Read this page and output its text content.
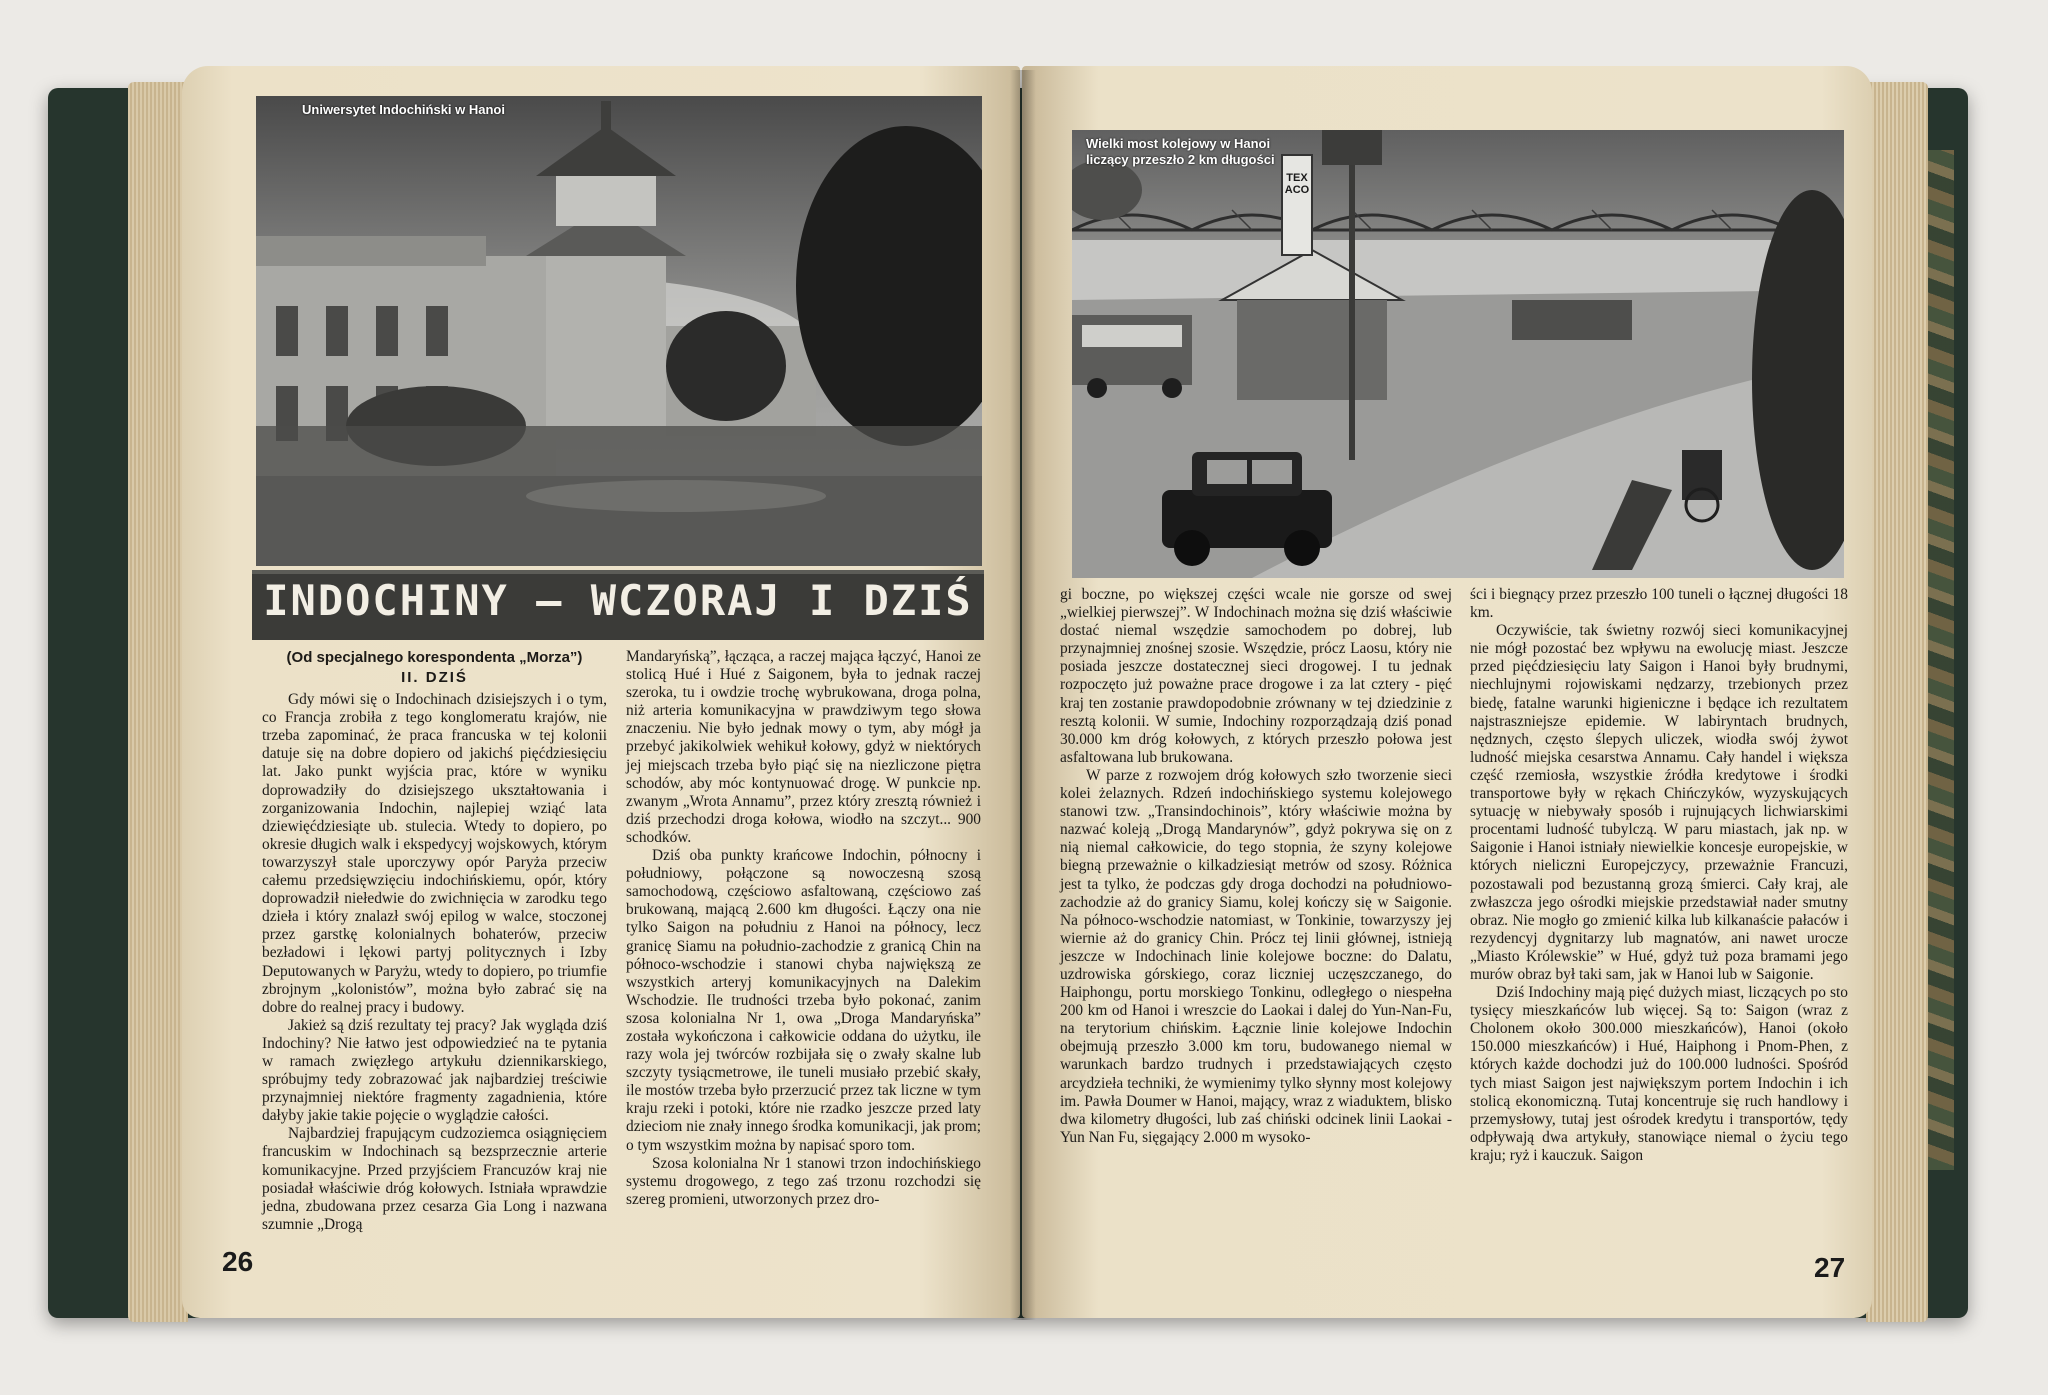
Uniwersytet Indochiński w Hanoi
INDOCHINY – WCZORAJ I DZIŚ
(Od specjalnego korespondenta „Morza”)
II. DZIŚ

Gdy mówi się o Indochinach dzisiejszych i o tym, co Francja zrobiła z tego konglomeratu krajów, nie trzeba zapominać, że praca francuska w tej kolonii datuje się na dobre dopiero od jakichś pięćdziesięciu lat. Jako punkt wyjścia prac, które w wyniku doprowadziły do dzisiejszego ukształtowania i zorganizowania Indochin, najlepiej wziąć lata dziewięćdziesiąte ub. stulecia. Wtedy to dopiero, po okresie długich walk i ekspedycyj wojskowych, którym towarzyszył stale uporczywy opór Paryża przeciw całemu przedsięwzięciu indochińskiemu, opór, który doprowadził niełedwie do zwichnięcia w zarodku tego dzieła i który znalazł swój epilog w walce, stoczonej przez garstkę kolonialnych bohaterów, przeciw bezładowi i lękowi partyj politycznych i Izby Deputowanych w Paryżu, wtedy to dopiero, po triumfie zbrojnym „kolonistów”, można było zabrać się na dobre do realnej pracy i budowy.

Jakież są dziś rezultaty tej pracy? Jak wygląda dziś Indochiny? Nie łatwo jest odpowiedzieć na te pytania w ramach zwięzłego artykułu dziennikarskiego, spróbujmy tedy zobrazować jak najbardziej treściwie przynajmniej niektóre fragmenty zagadnienia, które dałyby jakie takie pojęcie o wyglądzie całości.

Najbardziej frapującym cudzoziemca osiągnięciem francuskim w Indochinach są bezsprzecznie arterie komunikacyjne. Przed przyjściem Francuzów kraj nie posiadał właściwie dróg kołowych. Istniała wprawdzie jedna, zbudowana przez cesarza Gia Long i nazwana szumnie „Drogą

Mandaryńską”, łącząca, a raczej mająca łączyć, Hanoi ze stolicą Hué i Hué z Saigonem, była to jednak raczej szeroka, tu i owdzie trochę wybrukowana, droga polna, niż arteria komunikacyjna w prawdziwym tego słowa znaczeniu. Nie było jednak mowy o tym, aby mógł ja przebyć jakikolwiek wehikuł kołowy, gdyż w niektórych jej miejscach trzeba było piąć się na niezliczone piętra schodów, aby móc kontynuować drogę. W punkcie np. zwanym „Wrota Annamu”, przez który zresztą również i dziś przechodzi droga kołowa, wiodło na szczyt... 900 schodków.

Dziś oba punkty krańcowe Indochin, północny i południowy, połączone są nowoczesną szosą samochodową, częściowo asfaltowaną, częściowo zaś brukowaną, mającą 2.600 km długości. Łączy ona nie tylko Saigon na południu z Hanoi na północy, lecz granicę Siamu na południo-zachodzie z granicą Chin na północo-wschodzie i stanowi chyba największą ze wszystkich arteryj komunikacyjnych na Dalekim Wschodzie. Ile trudności trzeba było pokonać, zanim szosa kolonialna Nr 1, owa „Droga Mandaryńska” została wykończona i całkowicie oddana do użytku, ile razy wola jej twórców rozbijała się o zwały skalne lub szczyty tysiącmetrowe, ile tuneli musiało przebić skały, ile mostów trzeba było przerzucić przez tak liczne w tym kraju rzeki i potoki, które nie rzadko jeszcze przed laty dzieciom nie znały innego środka komunikacji, jak prom; o tym wszystkim można by napisać sporo tom.

Szosa kolonialna Nr 1 stanowi trzon indochińskiego systemu drogowego, z tego zaś trzonu rozchodzi się szereg promieni, utworzonych przez dro-

26
TEXACO
Wielki most kolejowy w Hanoi liczący przeszło 2 km długości

gi boczne, po większej części wcale nie gorsze od swej „wielkiej pierwszej”. W Indochinach można się dziś właściwie dostać niemal wszędzie samochodem po dobrej, lub przynajmniej znośnej szosie. Wszędzie, prócz Laosu, który nie posiada jeszcze dostatecznej sieci drogowej. I tu jednak rozpoczęto już poważne prace drogowe i za lat cztery - pięć kraj ten zostanie prawdopodobnie zrównany w tej dziedzinie z resztą kolonii. W sumie, Indochiny rozporządzają dziś ponad 30.000 km dróg kołowych, z których przeszło połowa jest asfaltowana lub brukowana.

W parze z rozwojem dróg kołowych szło tworzenie sieci kolei żelaznych. Rdzeń indochińskiego systemu kolejowego stanowi tzw. „Transindochinois”, który właściwie można by nazwać koleją „Drogą Mandarynów”, gdyż pokrywa się on z nią niemal całkowicie, do tego stopnia, że szyny kolejowe biegną przeważnie o kilkadziesiąt metrów od szosy. Różnica jest ta tylko, że podczas gdy droga dochodzi na południowo-zachodzie aż do granicy Siamu, kolej kończy się w Saigonie. Na północo-wschodzie natomiast, w Tonkinie, towarzyszy jej wiernie aż do granicy Chin. Prócz tej linii głównej, istnieją jeszcze w Indochinach linie kolejowe boczne: do Dalatu, uzdrowiska górskiego, coraz liczniej uczęszczanego, do Haiphongu, portu morskiego Tonkinu, odległego o niespełna 200 km od Hanoi i wreszcie do Laokai i dalej do Yun-Nan-Fu, na terytorium chińskim. Łącznie linie kolejowe Indochin obejmują przeszło 3.000 km toru, budowanego niemal w warunkach bardzo trudnych i przedstawiających często arcydzieła techniki, że wymienimy tylko słynny most kolejowy im. Pawła Doumer w Hanoi, mający, wraz z wiaduktem, blisko dwa kilometry długości, lub zaś chiński odcinek linii Laokai - Yun Nan Fu, sięgający 2.000 m wysoko-

ści i biegnący przez przeszło 100 tuneli o łącznej długości 18 km.

Oczywiście, tak świetny rozwój sieci komunikacyjnej nie mógł pozostać bez wpływu na ewolucję miast. Jeszcze przed pięćdziesięciu laty Saigon i Hanoi były brudnymi, niechlujnymi rojowiskami nędzarzy, trzebionych przez biedę, fatalne warunki higieniczne i będące ich rezultatem najstraszniejsze epidemie. W labiryntach brudnych, nędznych, często ślepych uliczek, wiodła swój żywot ludność miejska cesarstwa Annamu. Cały handel i większa część rzemiosła, wszystkie źródła kredytowe i środki transportowe były w rękach Chińczyków, wyzyskujących sytuację w niebywały sposób i rujnujących lichwiarskimi procentami ludność tubylczą. W paru miastach, jak np. w Saigonie i Hanoi istniały niewielkie koncesje europejskie, w których nieliczni Europejczycy, przeważnie Francuzi, pozostawali pod bezustanną grozą śmierci. Cały kraj, ale zwłaszcza jego ośrodki miejskie przedstawiał nader smutny obraz. Nie mogło go zmienić kilka lub kilkanaście pałaców i rezydencyj dygnitarzy lub magnatów, ani nawet urocze „Miasto Królewskie” w Hué, gdyż tuż poza bramami jego murów obraz był taki sam, jak w Hanoi lub w Saigonie.

Dziś Indochiny mają pięć dużych miast, liczących po sto tysięcy mieszkańców lub więcej. Są to: Saigon (wraz z Cholonem około 300.000 mieszkańców), Hanoi (około 150.000 mieszkańców) i Hué, Haiphong i Pnom-Phen, z których każde dochodzi już do 100.000 ludności. Spośród tych miast Saigon jest największym portem Indochin i ich stolicą ekonomiczną. Tutaj koncentruje się ruch handlowy i przemysłowy, tutaj jest ośrodek kredytu i transportów, tędy odpływają dwa artykuły, stanowiące niemal o życiu tego kraju; ryż i kauczuk. Saigon

27
